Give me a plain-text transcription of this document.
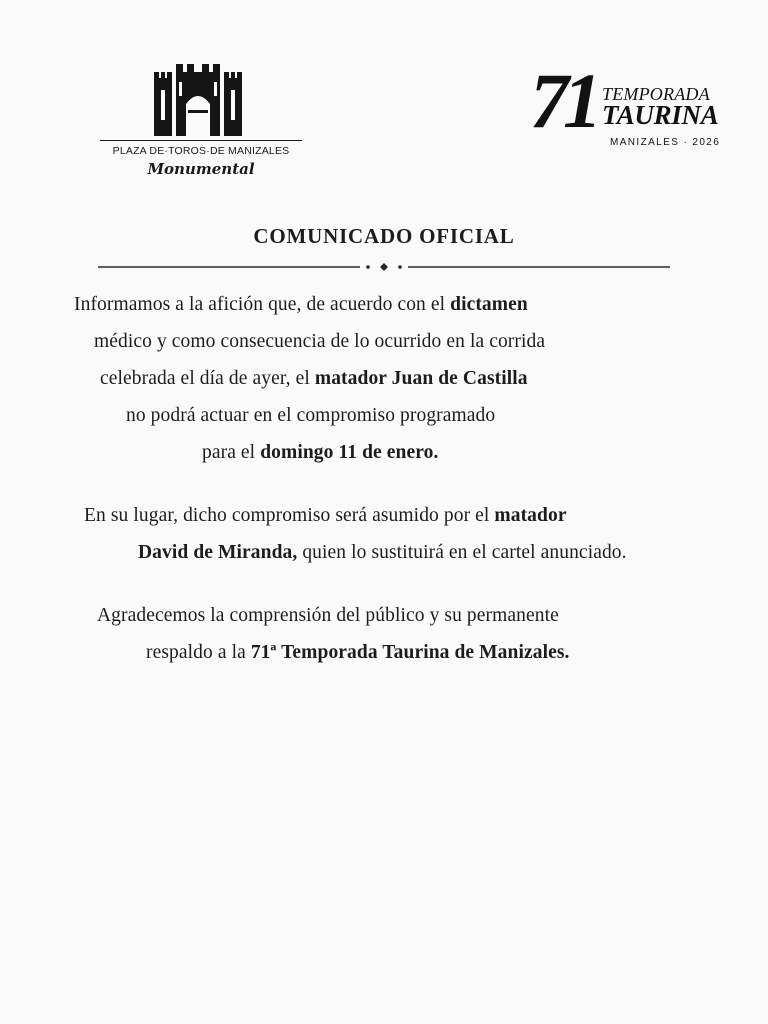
PLAZA DE·TOROS·DE MANIZALES
Monumental
71 TEMPORADA
TAURINA
MANIZALES · 2026
COMUNICADO OFICIAL
Informamos a la afición que, de acuerdo con el dictamen
médico y como consecuencia de lo ocurrido en la corrida
celebrada el día de ayer, el matador Juan de Castilla
no podrá actuar en el compromiso programado
para el domingo 11 de enero.
En su lugar, dicho compromiso será asumido por el matador
David de Miranda, quien lo sustituirá en el cartel anunciado.
Agradecemos la comprensión del público y su permanente
respaldo a la 71ª Temporada Taurina de Manizales.
